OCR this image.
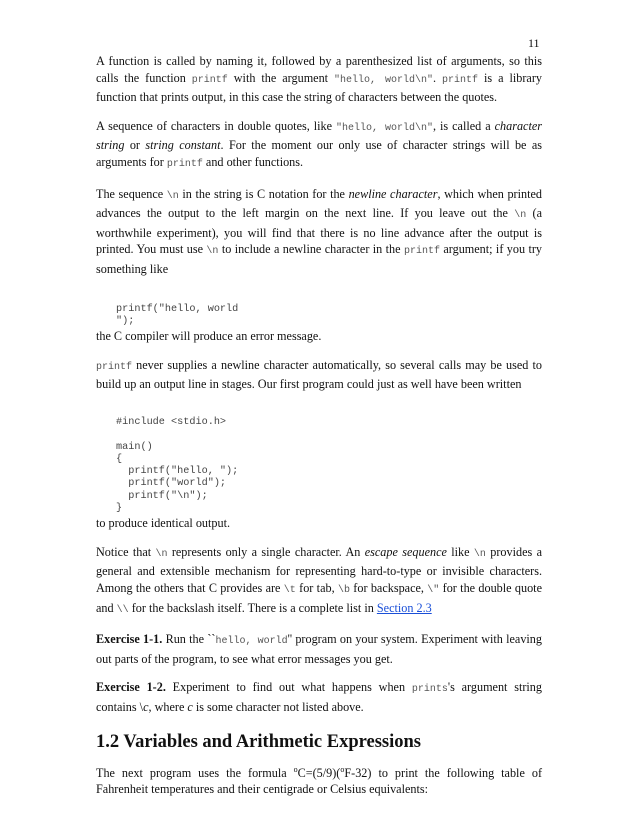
11

A function is called by naming it, followed by a parenthesized list of arguments, so this calls the function printf with the argument "hello, world\n". printf is a library function that prints output, in this case the string of characters between the quotes.

A sequence of characters in double quotes, like "hello, world\n", is called a character string or string constant. For the moment our only use of character strings will be as arguments for printf and other functions.

The sequence \n in the string is C notation for the newline character, which when printed advances the output to the left margin on the next line. If you leave out the \n (a worthwhile experiment), you will find that there is no line advance after the output is printed. You must use \n to include a newline character in the printf argument; if you try something like

printf("hello, world
");

the C compiler will produce an error message.

printf never supplies a newline character automatically, so several calls may be used to build up an output line in stages. Our first program could just as well have been written

#include <stdio.h>

main()
{
printf("hello, ");
printf("world");
printf("\n");
}

to produce identical output.

Notice that \n represents only a single character. An escape sequence like \n provides a general and extensible mechanism for representing hard-to-type or invisible characters. Among the others that C provides are \t for tab, \b for backspace, \" for the double quote and \\ for the backslash itself. There is a complete list in Section 2.3

Exercise 1-1. Run the ``hello, world'' program on your system. Experiment with leaving out parts of the program, to see what error messages you get.

Exercise 1-2. Experiment to find out what happens when prints's argument string contains \c, where c is some character not listed above.

1.2 Variables and Arithmetic Expressions

The next program uses the formula $^o$C=(5/9)($^o$F-32) to print the following table of Fahrenheit temperatures and their centigrade or Celsius equivalents:
